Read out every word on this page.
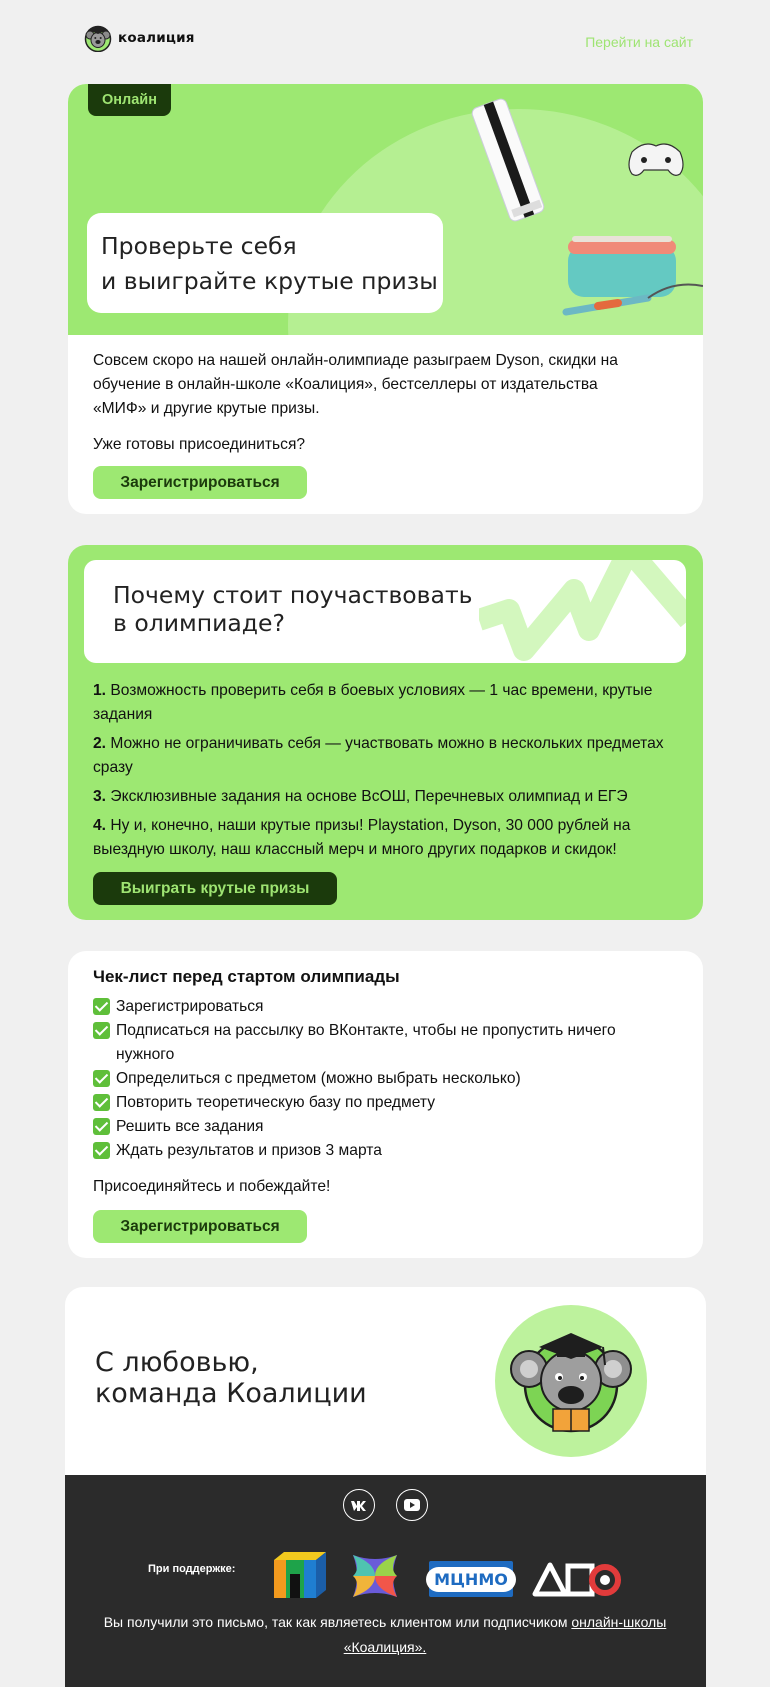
коалиция	Перейти на сайт
Онлайн
Проверьте себя
и выиграйте крутые призы
Совсем скоро на нашей онлайн-олимпиаде разыграем Dyson, скидки на обучение в онлайн-школе «Коалиция», бестселлеры от издательства «МИФ» и другие крутые призы.
Уже готовы присоединиться?
Зарегистрироваться
Почему стоит поучаствовать
в олимпиаде?
1. Возможность проверить себя в боевых условиях — 1 час времени, крутые задания
2. Можно не ограничивать себя — участвовать можно в нескольких предметах сразу
3. Эксклюзивные задания на основе ВсОШ, Перечневых олимпиад и ЕГЭ
4. Ну и, конечно, наши крутые призы! Playstation, Dyson, 30 000 рублей на выездную школу, наш классный мерч и много других подарков и скидок!
Выиграть крутые призы
Чек-лист перед стартом олимпиады
Зарегистрироваться
Подписаться на рассылку во ВКонтакте, чтобы не пропустить ничего нужного
Определиться с предметом (можно выбрать несколько)
Повторить теоретическую базу по предмету
Решить все задания
Ждать результатов и призов 3 марта
Присоединяйтесь и побеждайте!
Зарегистрироваться
С любовью,
команда Коалиции
При поддержке:
МЦНМО
Вы получили это письмо, так как являетесь клиентом или подписчиком онлайн-школы «Коалиция».
